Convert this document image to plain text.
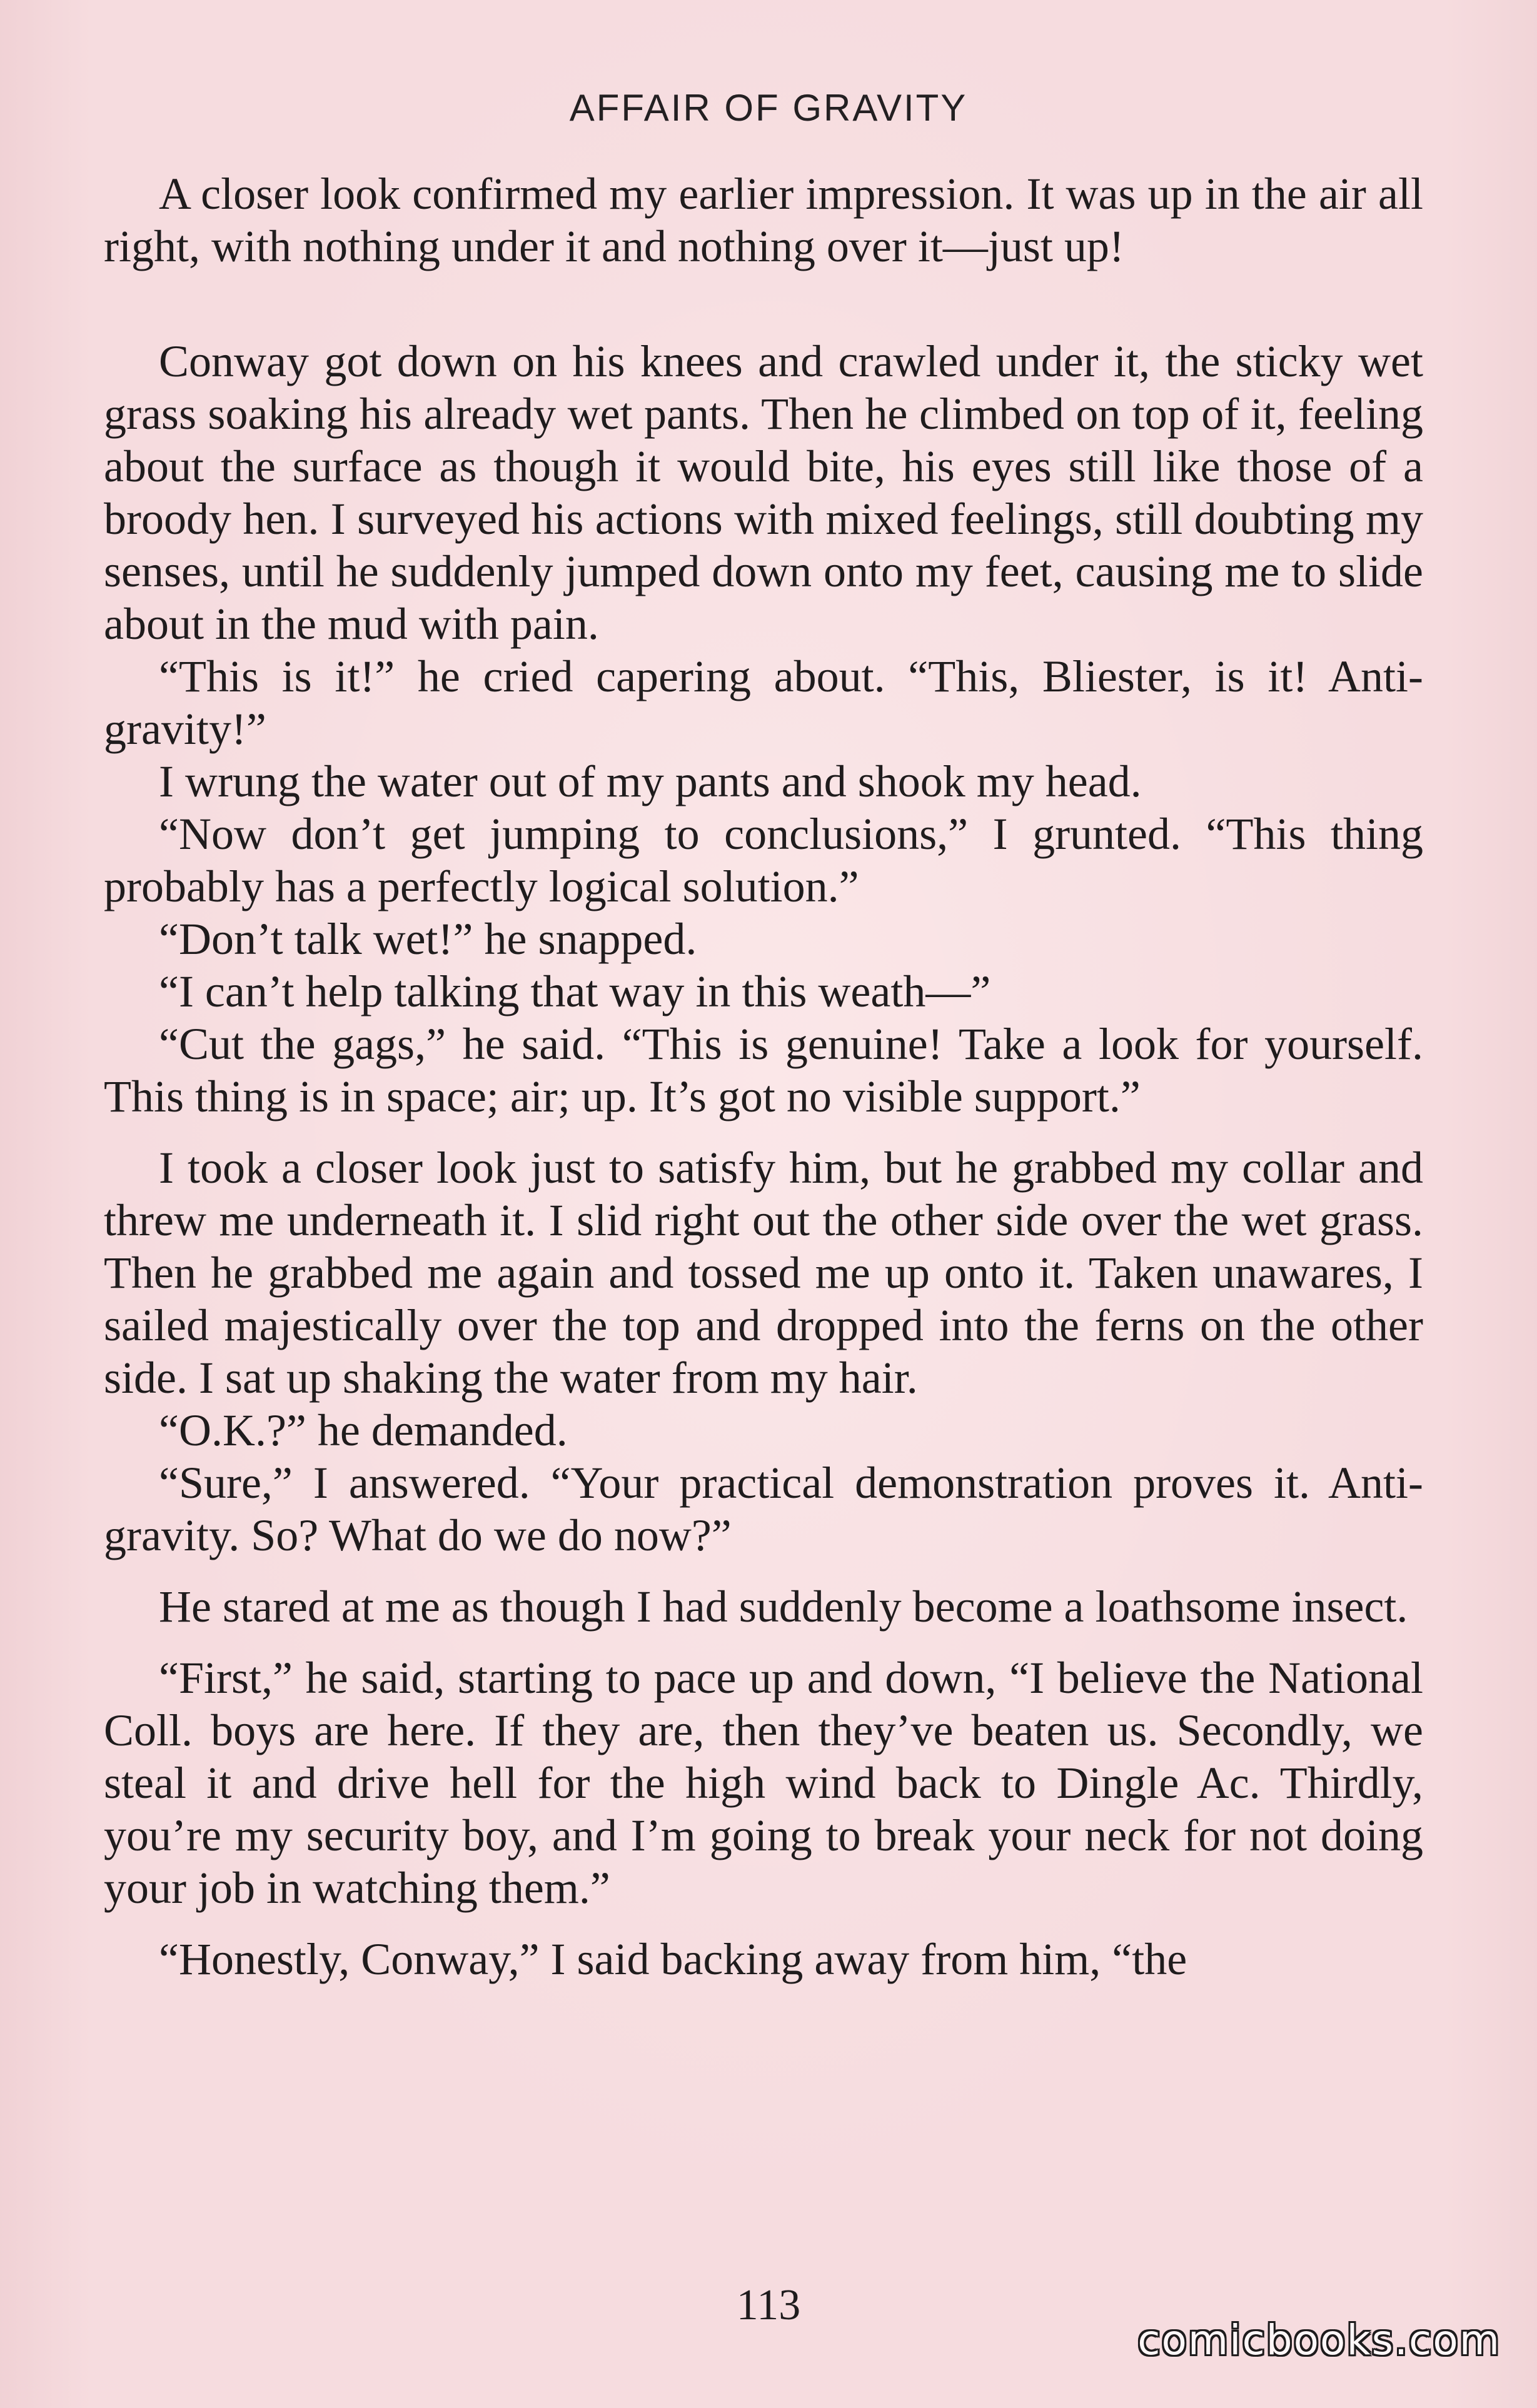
AFFAIR OF GRAVITY

A closer look confirmed my earlier impression. It was up in the air all right, with nothing under it and nothing over it—just up!

Conway got down on his knees and crawled under it, the sticky wet grass soaking his already wet pants. Then he climbed on top of it, feeling about the surface as though it would bite, his eyes still like those of a broody hen. I surveyed his actions with mixed feelings, still doubting my senses, until he suddenly jumped down onto my feet, causing me to slide about in the mud with pain.

“This is it!” he cried capering about. “This, Bliester, is it! Anti-gravity!”

I wrung the water out of my pants and shook my head.

“Now don’t get jumping to conclusions,” I grunted. “This thing probably has a perfectly logical solution.”

“Don’t talk wet!” he snapped.

“I can’t help talking that way in this weath—”

“Cut the gags,” he said. “This is genuine! Take a look for yourself. This thing is in space; air; up. It’s got no visible support.”

I took a closer look just to satisfy him, but he grabbed my collar and threw me underneath it. I slid right out the other side over the wet grass. Then he grabbed me again and tossed me up onto it. Taken unawares, I sailed majestically over the top and dropped into the ferns on the other side. I sat up shaking the water from my hair.

“O.K.?” he demanded.

“Sure,” I answered. “Your practical demonstration proves it. Anti-gravity. So? What do we do now?”

He stared at me as though I had suddenly become a loathsome insect.

“First,” he said, starting to pace up and down, “I believe the National Coll. boys are here. If they are, then they’ve beaten us. Secondly, we steal it and drive hell for the high wind back to Dingle Ac. Thirdly, you’re my security boy, and I’m going to break your neck for not doing your job in watching them.”

“Honestly, Conway,” I said backing away from him, “the

113
comicbooks.com
